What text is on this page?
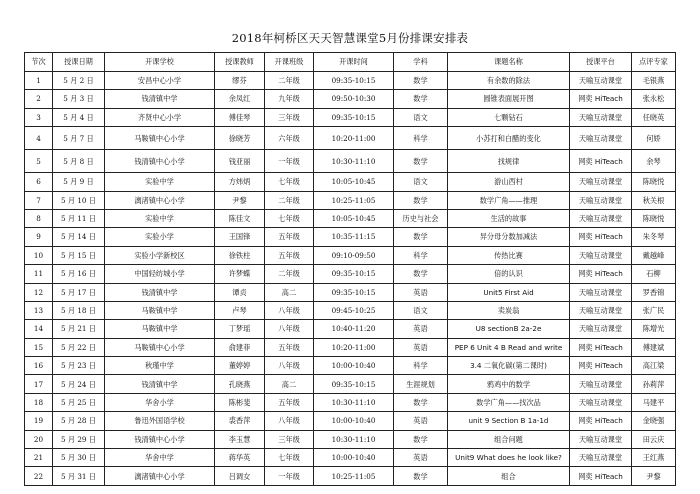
2018年柯桥区天天智慧课堂5月份排课安排表
节次	授课日期	开课学校	授课教师	开课班级	开课时间	学科	课题名称	授课平台	点评专家
1	5 月 2 日	安昌中心小学	缪芬	二年级	09:35-10:15	数学	有余数的除法	天喻互动课堂	毛银燕
2	5 月 3 日	钱清镇中学	余凤红	九年级	09:50-10:30	数学	圆锥表面展开图	网奕 HiTeach	张永松
3	5 月 4 日	齐贤中心小学	傅佳琴	三年级	09:35-10:15	语文	七颗钻石	天喻互动课堂	任晓英
4	5 月 7 日	马鞍镇中心小学	徐晓芳	六年级	10:20-11:00	科学	小苏打和白醋的变化	天喻互动课堂	何娇
5	5 月 8 日	钱清镇中心小学	钱亚丽	一年级	10:30-11:10	数学	找规律	网奕 HiTeach	余琴
6	5 月 9 日	实验中学	方炜炳	七年级	10:05-10:45	语文	游山西村	天喻互动课堂	陈晓悦
7	5 月 10 日	漓渚镇中心小学	尹黎	二年级	10:25-11:05	数学	数学广角——推理	天喻互动课堂	秋关根
8	5 月 11 日	实验中学	陈佳文	七年级	10:05-10:45	历史与社会	生活的故事	天喻互动课堂	陈晓悦
9	5 月 14 日	实验小学	王国锋	五年级	10:35-11:15	数学	异分母分数加减法	网奕 HiTeach	朱冬琴
10	5 月 15 日	实验小学新校区	徐铁柱	五年级	09:10-09:50	科学	传热比赛	天喻互动课堂	戴越峰
11	5 月 16 日	中国轻纺城小学	许梦蝶	二年级	09:35-10:15	数学	倍的认识	网奕 HiTeach	石柳
12	5 月 17 日	钱清镇中学	谭贞	高二	09:35-10:15	英语	Unit5 First Aid	天喻互动课堂	罗香锦
13	5 月 18 日	马鞍镇中学	卢琴	八年级	09:45-10:25	语文	卖炭翁	天喻互动课堂	张广民
14	5 月 21 日	马鞍镇中学	丁梦瑶	八年级	10:40-11:20	英语	U8 sectionB 2a-2e	天喻互动课堂	陈增光
15	5 月 22 日	马鞍镇中心小学	俞建菲	五年级	10:20-11:00	英语	PEP 6 Unit 4 B Read and write	网奕 HiTeach	傅建斌
16	5 月 23 日	秋瑾中学	董婷婷	八年级	10:00-10:40	科学	3.4 二氧化碳(第二课时)	网奕 HiTeach	高江梁
17	5 月 24 日	钱清镇中学	孔晓燕	高二	09:35-10:15	生涯规划	鸦鸡中的数学	天喻互动课堂	孙莉萍
18	5 月 25 日	华舍小学	陈彬斐	五年级	10:30-11:10	数学	数学广角——找次品	天喻互动课堂	马建平
19	5 月 28 日	鲁迅外国语学校	裘香萍	八年级	10:00-10:40	英语	unit 9 Section B 1a-1d	网奕 HiTeach	金晓强
20	5 月 29 日	钱清镇中心小学	李玉慧	三年级	10:30-11:10	数学	组合问题	天喻互动课堂	田云庆
21	5 月 30 日	华舍中学	蒋华英	七年级	10:00-10:40	英语	Unit9 What does he look like?	天喻互动课堂	王红燕
22	5 月 31 日	漓渚镇中心小学	吕调女	一年级	10:25-11:05	数学	组合	网奕 HiTeach	尹黎
